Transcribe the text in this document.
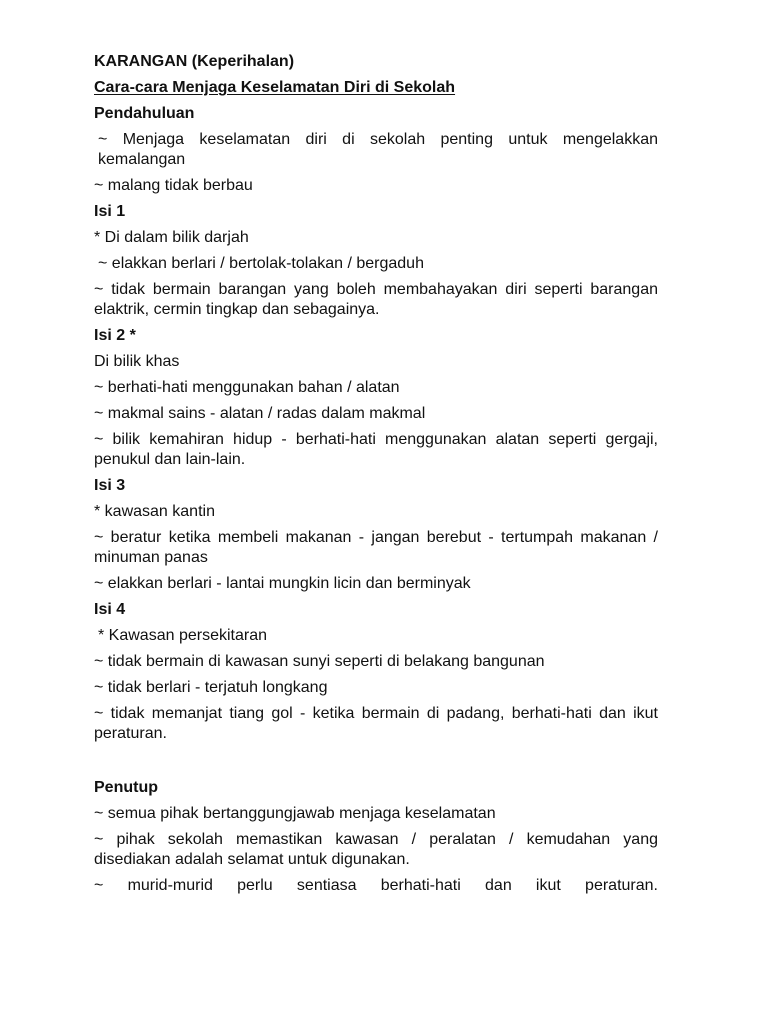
KARANGAN (Keperihalan)

Cara-cara Menjaga Keselamatan Diri di Sekolah

Pendahuluan

~ Menjaga keselamatan diri di sekolah penting untuk mengelakkan kemalangan

~ malang tidak berbau

Isi 1

* Di dalam bilik darjah

~ elakkan berlari / bertolak-tolakan / bergaduh

~ tidak bermain barangan yang boleh membahayakan diri seperti barangan elaktrik, cermin tingkap dan sebagainya.

Isi 2 *

Di bilik khas

~ berhati-hati menggunakan bahan / alatan

~ makmal sains - alatan / radas dalam makmal

~ bilik kemahiran hidup - berhati-hati menggunakan alatan seperti gergaji, penukul dan lain-lain.

Isi 3

* kawasan kantin

~ beratur ketika membeli makanan - jangan berebut - tertumpah makanan / minuman panas

~ elakkan berlari - lantai mungkin licin dan berminyak

Isi 4

* Kawasan persekitaran

~ tidak bermain di kawasan sunyi seperti di belakang bangunan

~ tidak berlari - terjatuh longkang

~ tidak memanjat tiang gol - ketika bermain di padang, berhati-hati dan ikut peraturan.

Penutup

~ semua pihak bertanggungjawab menjaga keselamatan

~ pihak sekolah memastikan kawasan / peralatan / kemudahan yang disediakan adalah selamat untuk digunakan.

~ murid-murid perlu sentiasa berhati-hati dan ikut peraturan.
